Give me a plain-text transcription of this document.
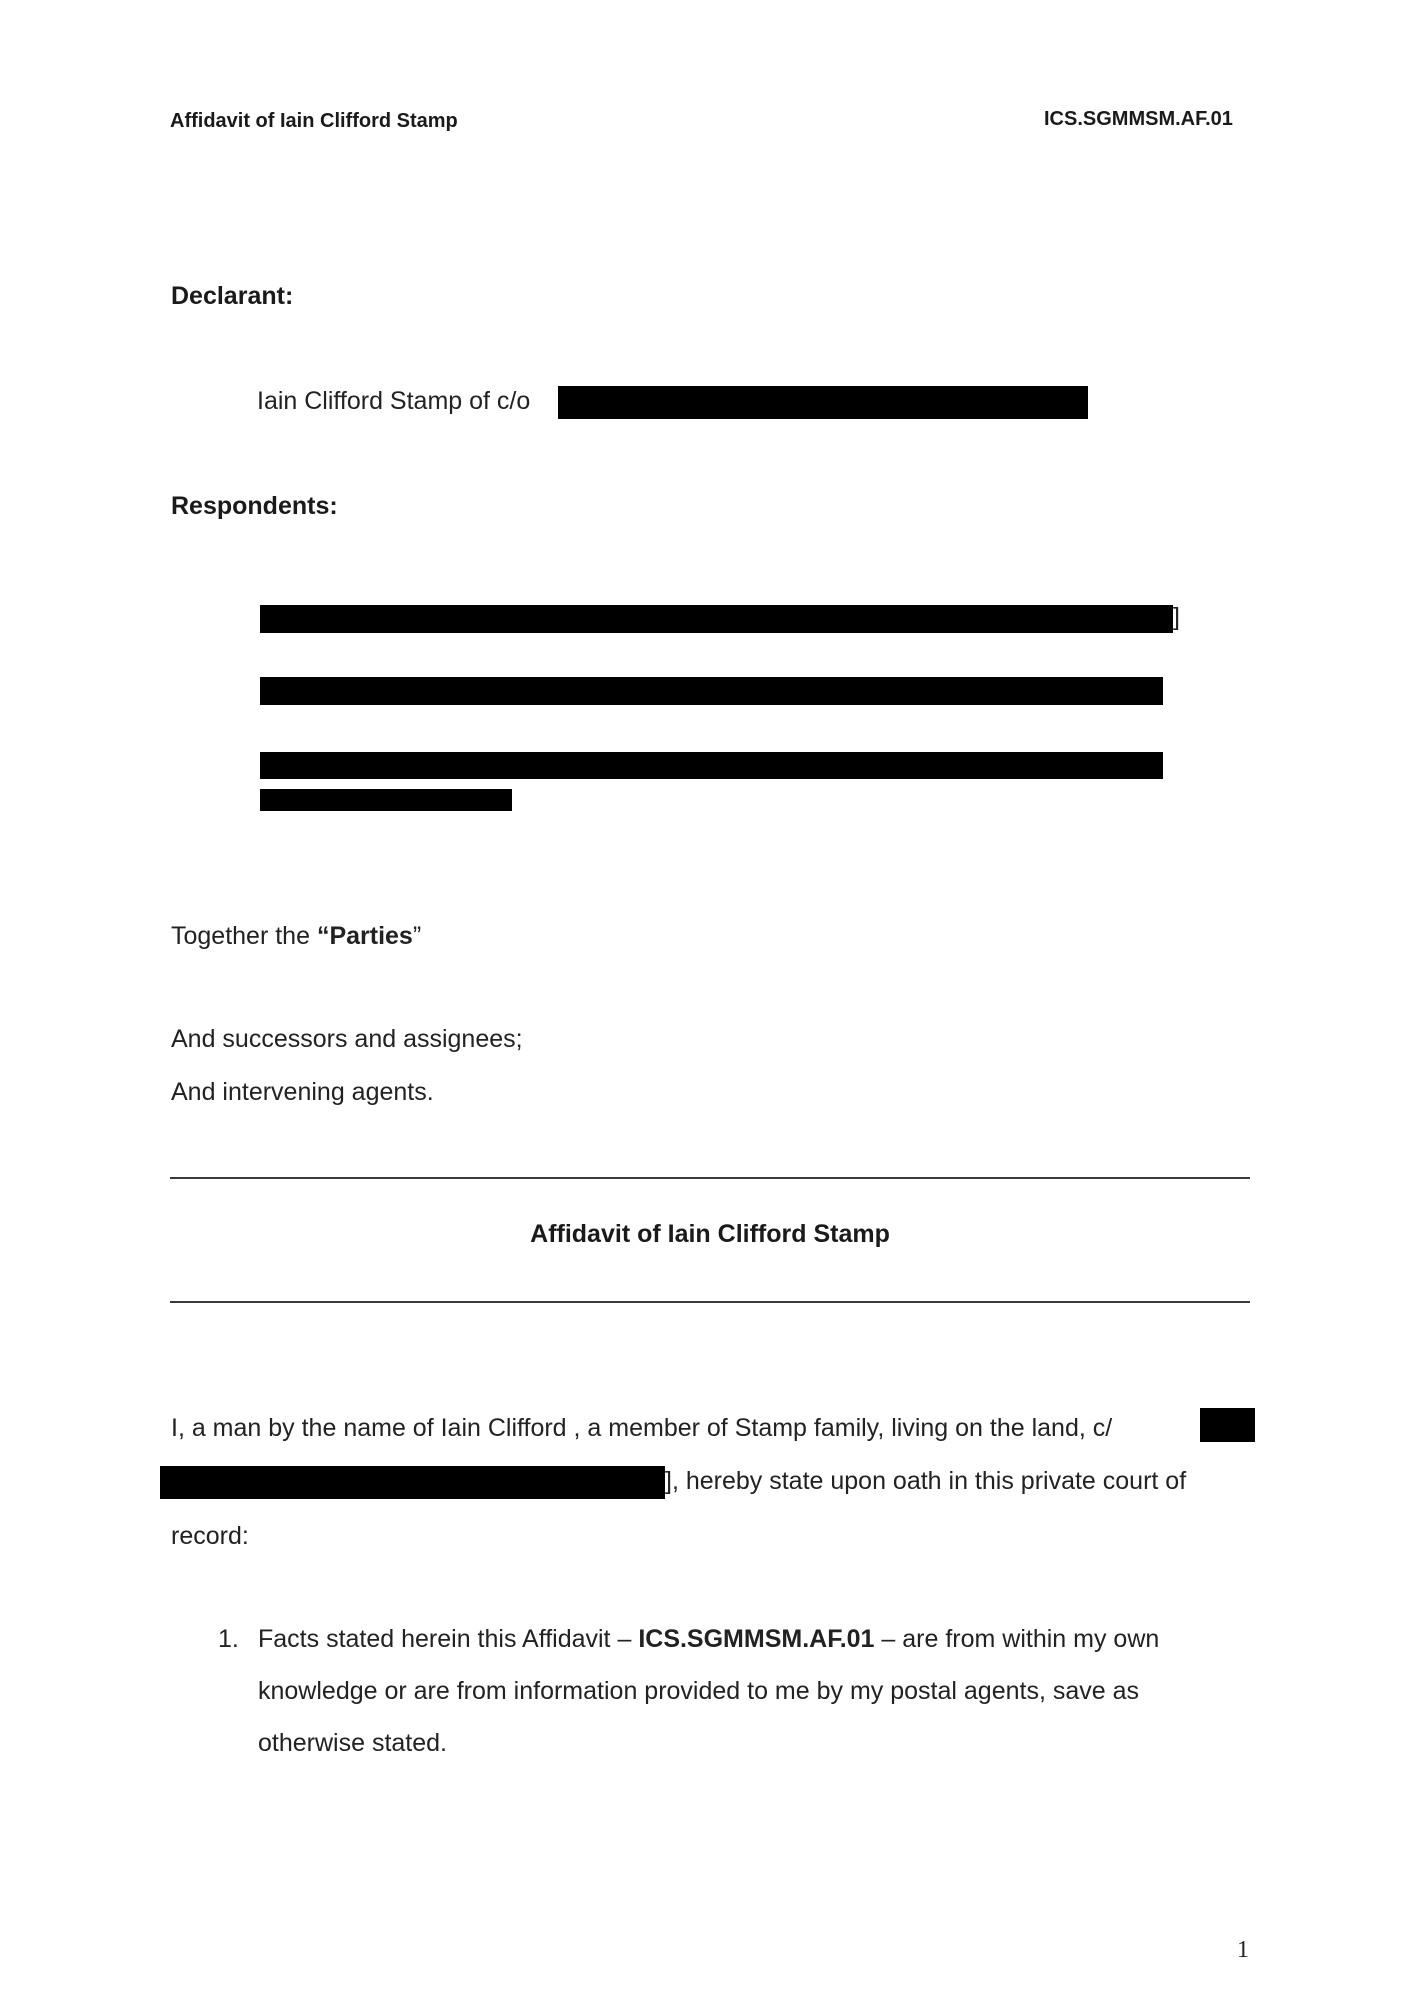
Affidavit of Iain Clifford Stamp	ICS.SGMMSM.AF.01
Declarant:
Iain Clifford Stamp of c/o
Respondents:
]
Together the “Parties”
And successors and assignees;
And intervening agents.
Affidavit of Iain Clifford Stamp
I, a man by the name of Iain Clifford , a member of Stamp family, living on the land, c/
], hereby state upon oath in this private court of
record:
1. Facts stated herein this Affidavit – ICS.SGMMSM.AF.01 – are from within my own
knowledge or are from information provided to me by my postal agents, save as
otherwise stated.
1
